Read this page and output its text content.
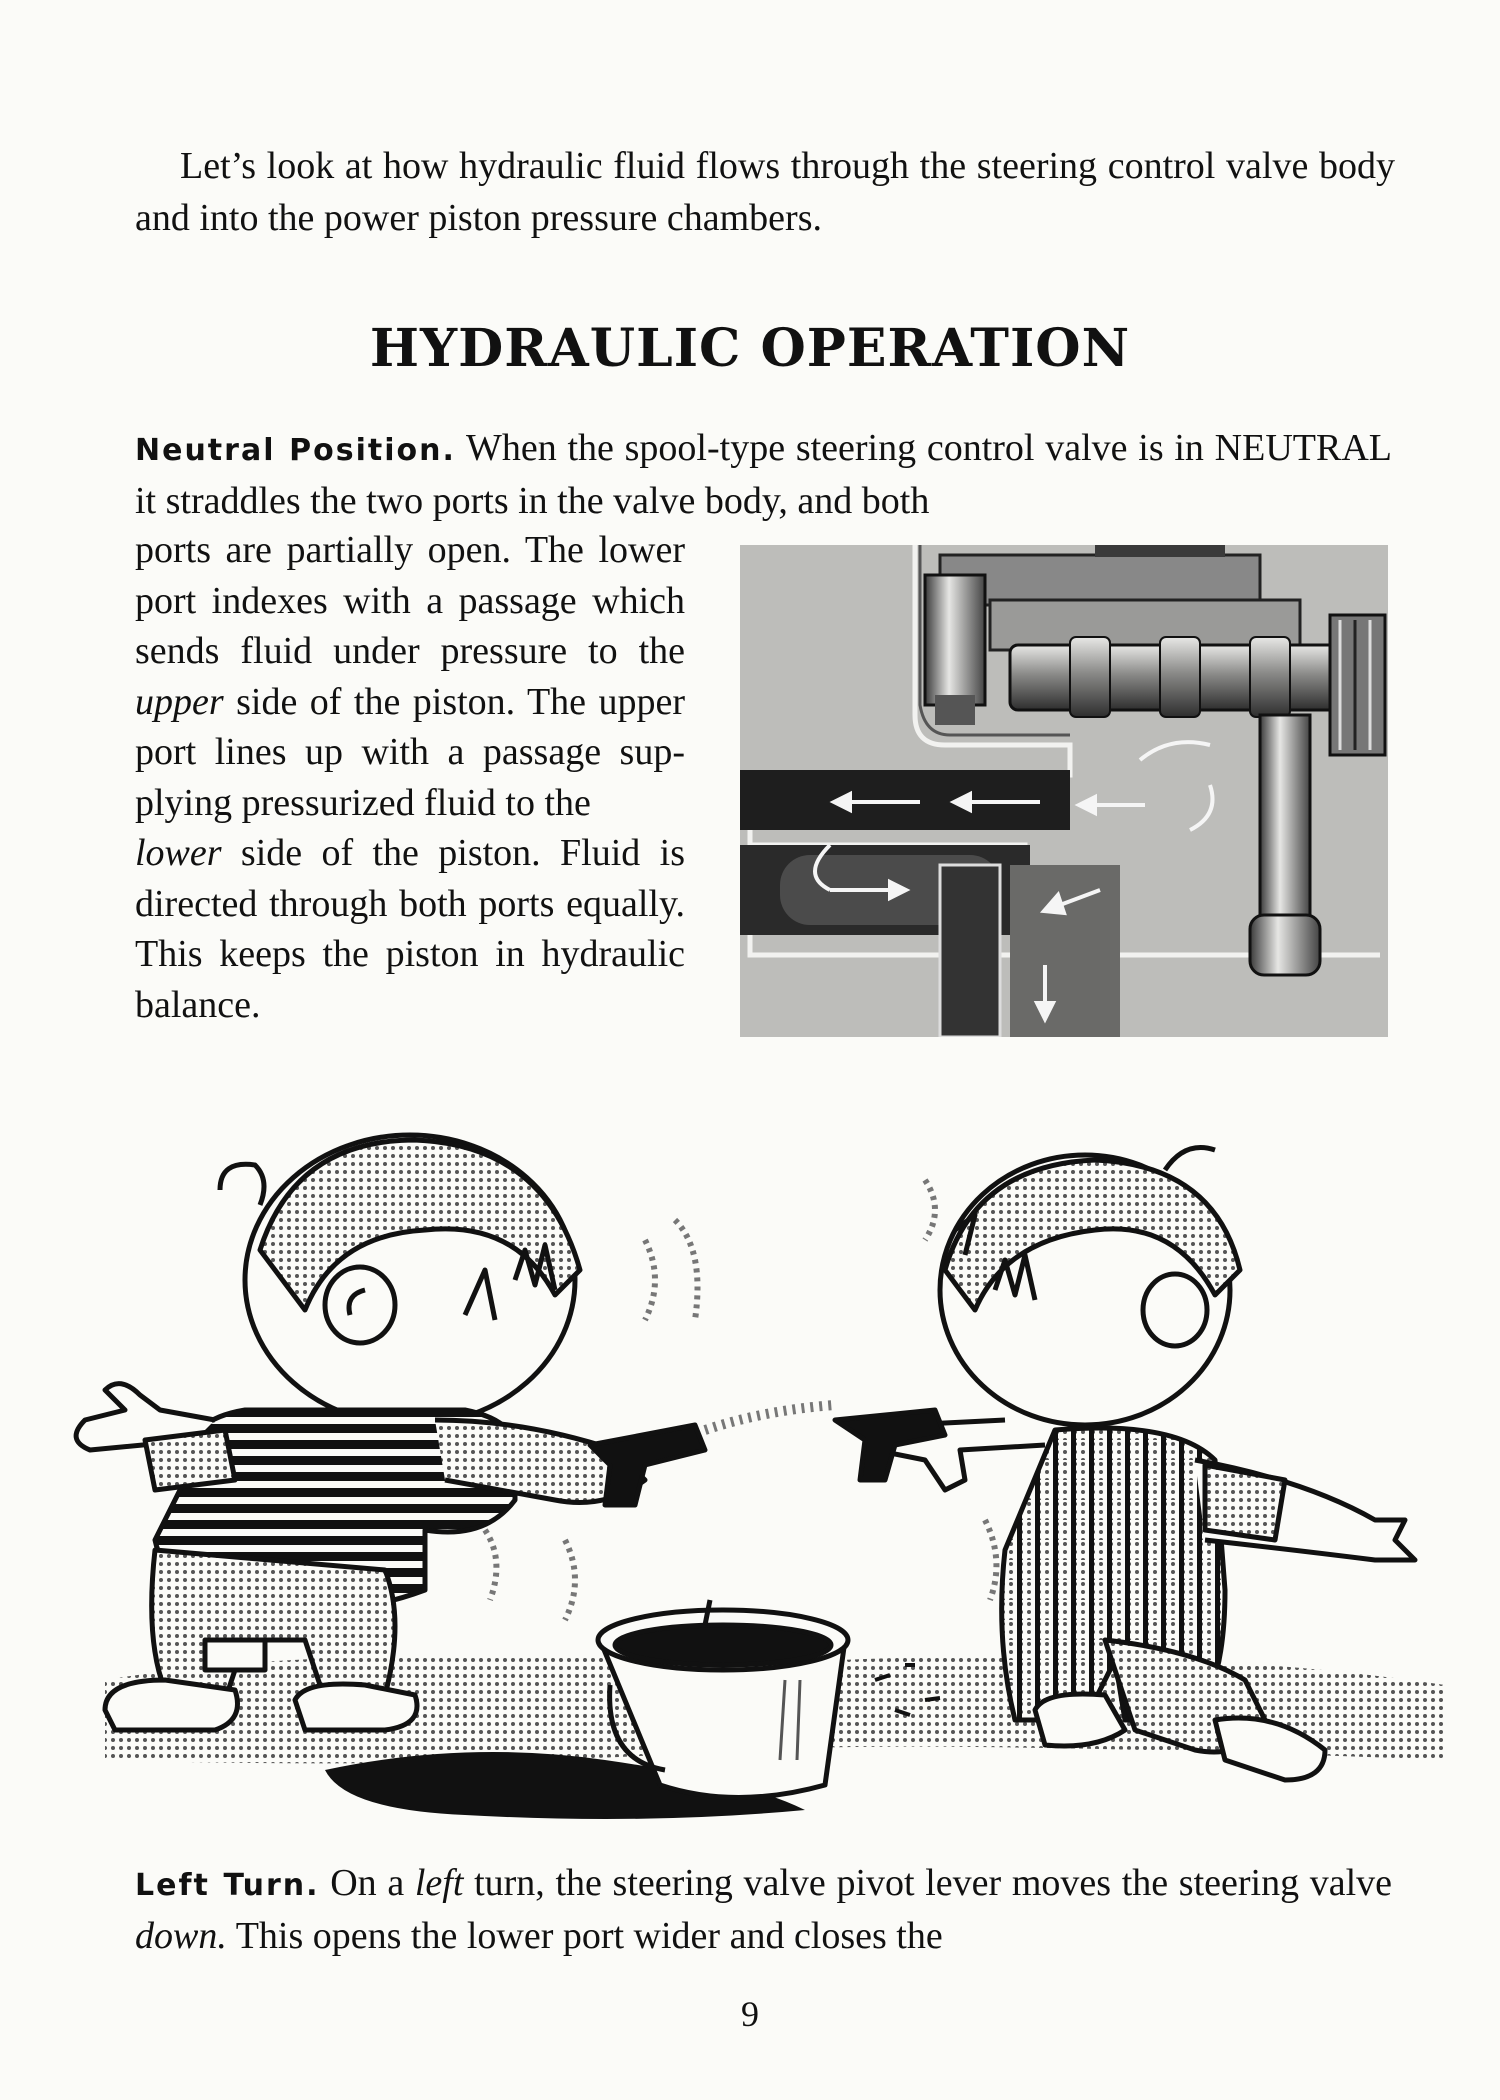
Let’s look at how hydraulic fluid flows through the steering control valve body and into the power piston pressure chambers.

HYDRAULIC OPERATION

Neutral Position. When the spool-type steering control valve is in NEUTRAL it straddles the two ports in the valve body, and both

ports are partially open. The lower port indexes with a passage which sends fluid under pressure to the upper side of the piston. The upper port lines up with a passage supplying pressurized fluid to the
lower side of the piston. Fluid is directed through both ports equally. This keeps the piston in hydraulic balance.

Left Turn. On a left turn, the steering valve pivot lever moves the steering valve down. This opens the lower port wider and closes the

9
